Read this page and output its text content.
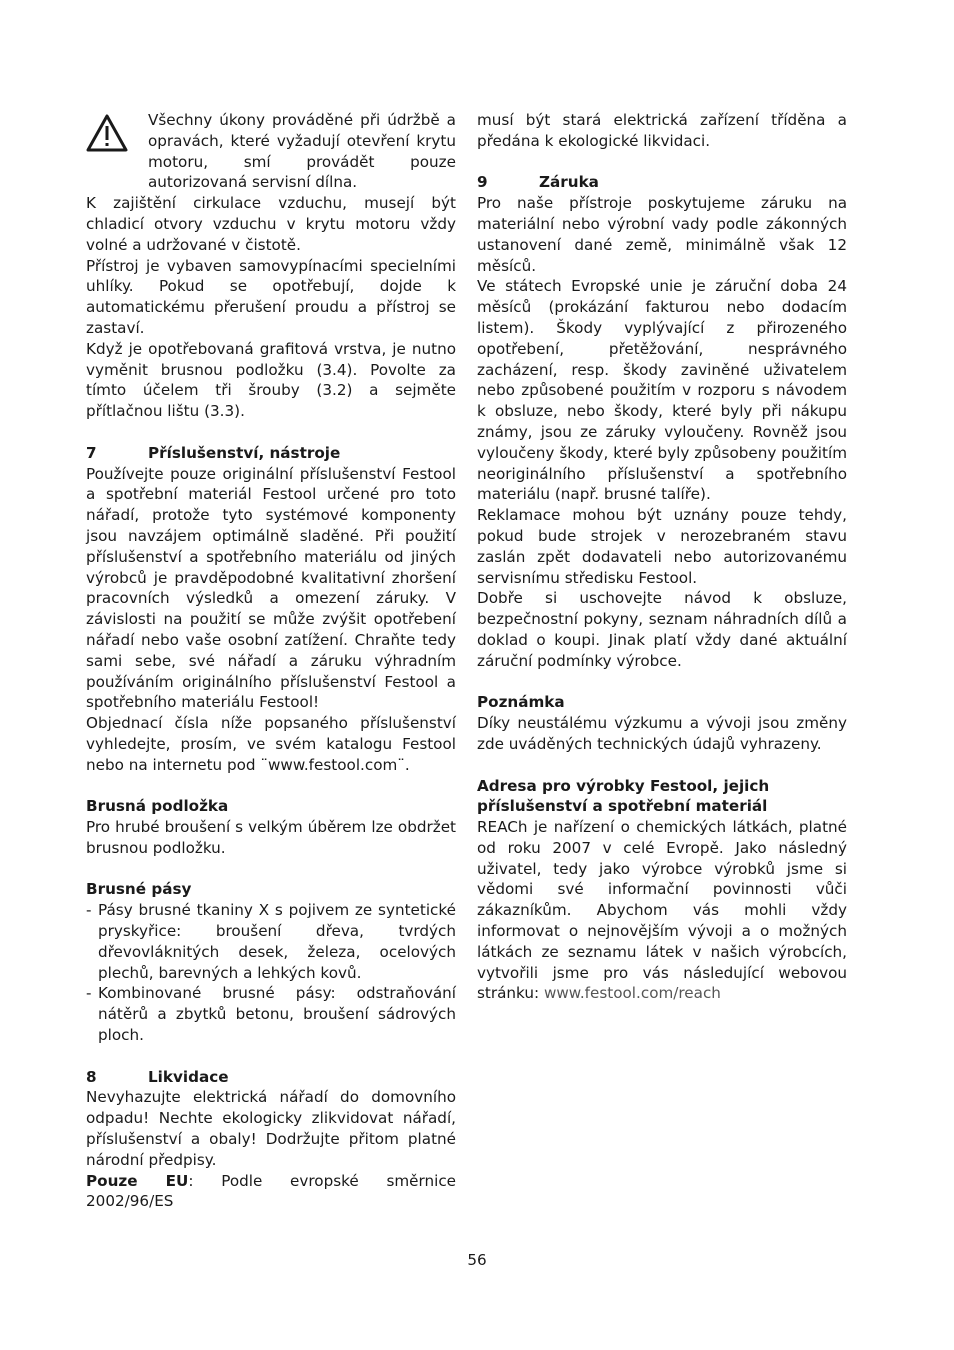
Všechny úkony prováděné při údržbě a opravách, které vyžadují otevření krytu motoru, smí provádět pouze autorizovaná servisní dílna.

K zajištění cirkulace vzduchu, musejí být chladicí otvory vzduchu v krytu motoru vždy volné a udržované v čistotě.

Přístroj je vybaven samovypínacími specielními uhlíky. Pokud se opotřebují, dojde k automatickému přerušení proudu a přístroj se zastaví.

Když je opotřebovaná grafitová vrstva, je nutno vyměnit brusnou podložku (3.4). Povolte za tímto účelem tři šrouby (3.2) a sejměte přítlačnou lištu (3.3).

7	Příslušenství, nástroje

Používejte pouze originální příslušenství Festool a spotřební materiál Festool určené pro toto nářadí, protože tyto systémové komponenty jsou navzájem optimálně sladěné. Při použití příslušenství a spotřebního materiálu od jiných výrobců je pravděpodobné kvalitativní zhoršení pracovních výsledků a omezení záruky. V závislosti na použití se může zvýšit opotřebení nářadí nebo vaše osobní zatížení. Chraňte tedy sami sebe, své nářadí a záruku výhradním používáním originálního příslušenství Festool a spotřebního materiálu Festool!

Objednací čísla níže popsaného příslušenství vyhledejte, prosím, ve svém katalogu Festool nebo na internetu pod ¨www.festool.com¨.

Brusná podložka

Pro hrubé broušení s velkým úběrem lze obdržet brusnou podložku.

Brusné pásy
- Pásy brusné tkaniny X s pojivem ze syntetické pryskyřice: broušení dřeva, tvrdých dřevovláknitých desek, železa, ocelových plechů, barevných a lehkých kovů.
- Kombinované brusné pásy: odstraňování nátěrů a zbytků betonu, broušení sádrových ploch.
8	Likvidace

Nevyhazujte elektrická nářadí do domovního odpadu! Nechte ekologicky zlikvidovat nářadí, příslušenství a obaly! Dodržujte přitom platné národní předpisy.

Pouze EU: Podle evropské směrnice 2002/96/ES

musí být stará elektrická zařízení tříděna a předána k ekologické likvidaci.

9	Záruka

Pro naše přístroje poskytujeme záruku na materiální nebo výrobní vady podle zákonných ustanovení dané země, minimálně však 12 měsíců.

Ve státech Evropské unie je záruční doba 24 měsíců (prokázání fakturou nebo dodacím listem). Škody vyplývající z přirozeného opotřebení, přetěžování, nesprávného zacházení, resp. škody zaviněné uživatelem nebo způsobené použitím v rozporu s návodem k obsluze, nebo škody, které byly při nákupu známy, jsou ze záruky vyloučeny. Rovněž jsou vyloučeny škody, které byly způsobeny použitím neoriginálního příslušenství a spotřebního materiálu (např. brusné talíře).

Reklamace mohou být uznány pouze tehdy, pokud bude strojek v nerozebraném stavu zaslán zpět dodavateli nebo autorizovanému servisnímu středisku Festool.

Dobře si uschovejte návod k obsluze, bezpečnostní pokyny, seznam náhradních dílů a doklad o koupi. Jinak platí vždy dané aktuální záruční podmínky výrobce.

Poznámka

Díky neustálému výzkumu a vývoji jsou změny zde uváděných technických údajů vyhrazeny.

Adresa pro výrobky Festool, jejich příslušenství a spotřební materiál

REACh je nařízení o chemických látkách, platné od roku 2007 v celé Evropě. Jako následný uživatel, tedy jako výrobce výrobků jsme si vědomi své informační povinnosti vůči zákazníkům. Abychom vás mohli vždy informovat o nejnovějším vývoji a o možných látkách ze seznamu látek v našich výrobcích, vytvořili jsme pro vás následující webovou stránku: www.festool.com/reach

56
